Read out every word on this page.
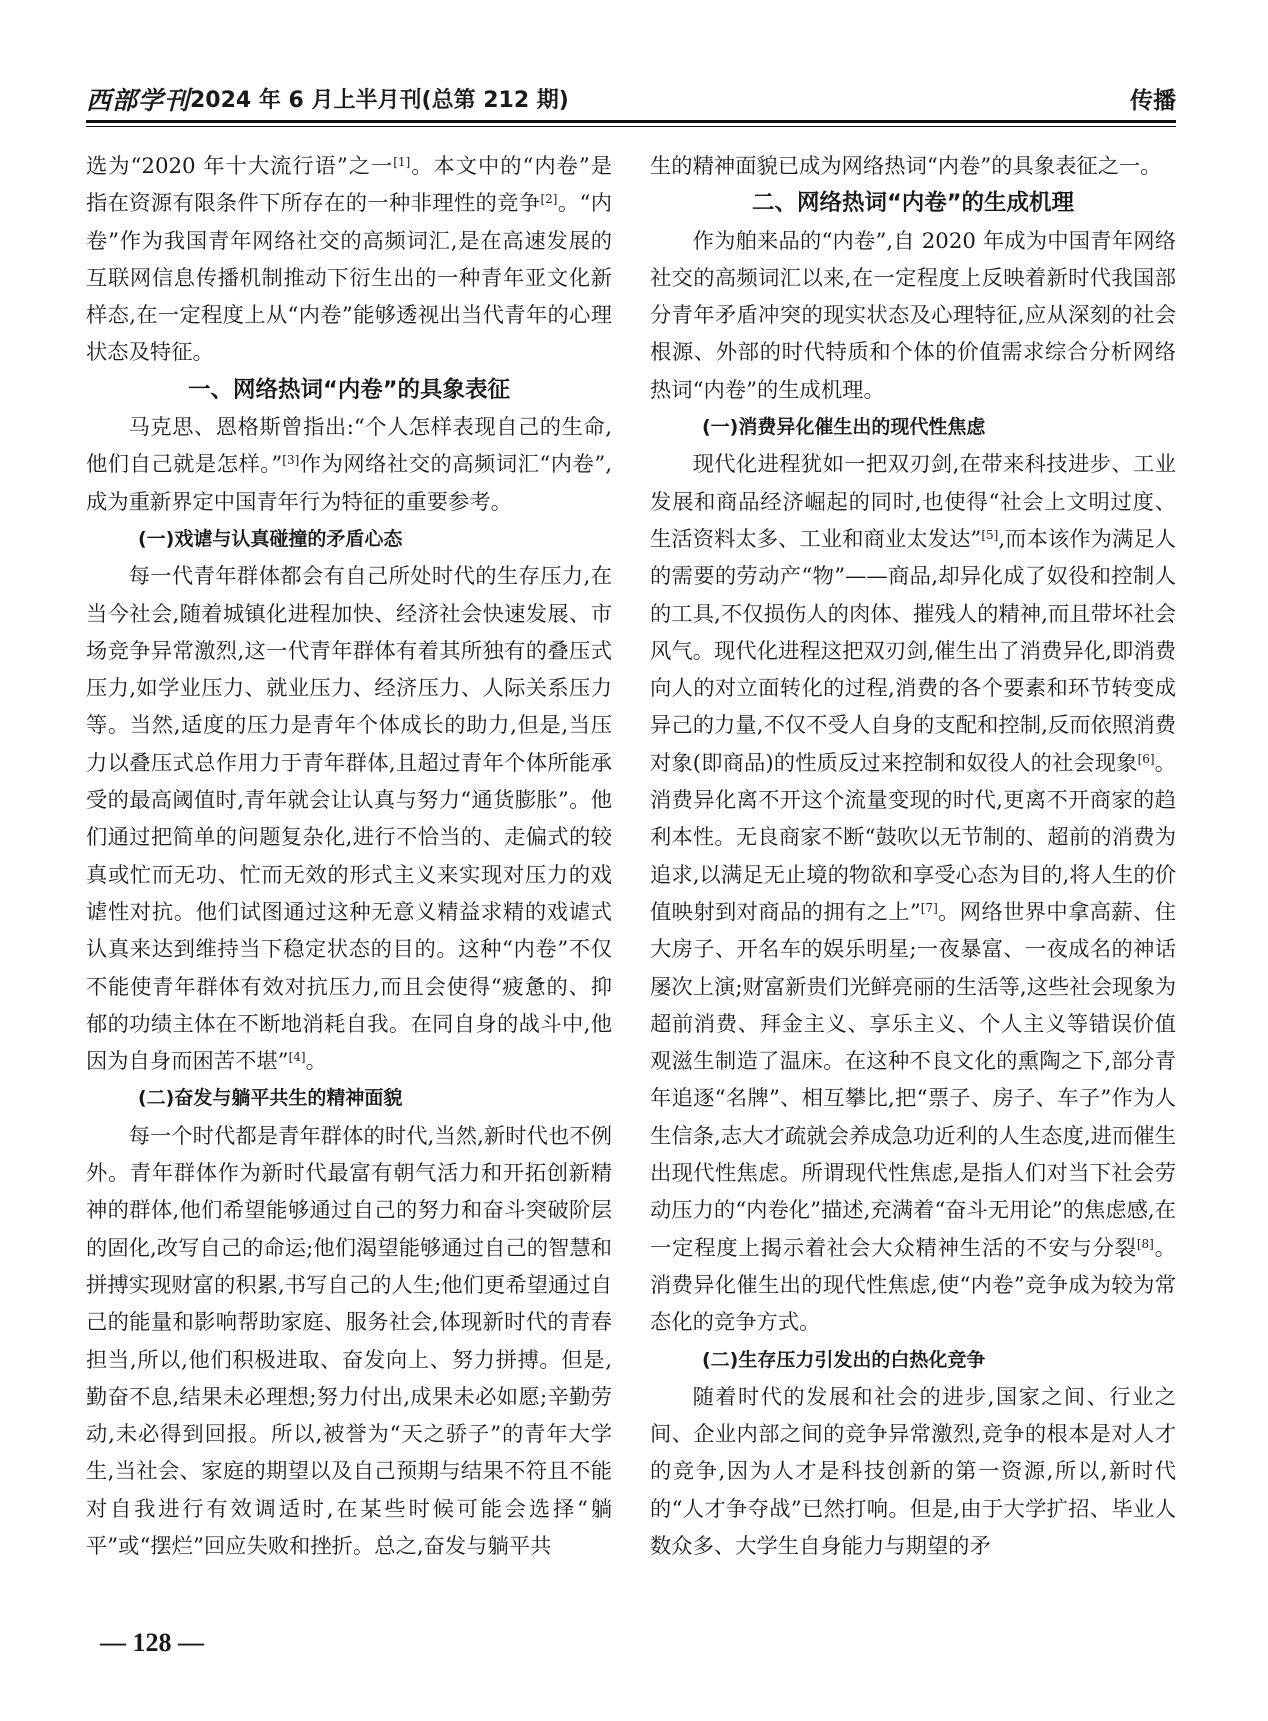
西部学刊 2024 年 6 月上半月刊(总第 212 期)	传播

选为“2020 年十大流行语”之一[1]。本文中的“内卷”是指在资源有限条件下所存在的一种非理性的竞争[2]。“内卷”作为我国青年网络社交的高频词汇,是在高速发展的互联网信息传播机制推动下衍生出的一种青年亚文化新样态,在一定程度上从“内卷”能够透视出当代青年的心理状态及特征。

一、网络热词“内卷”的具象表征

马克思、恩格斯曾指出:“个人怎样表现自己的生命,他们自己就是怎样。”[3]作为网络社交的高频词汇“内卷”,成为重新界定中国青年行为特征的重要参考。

(一)戏谑与认真碰撞的矛盾心态

每一代青年群体都会有自己所处时代的生存压力,在当今社会,随着城镇化进程加快、经济社会快速发展、市场竞争异常激烈,这一代青年群体有着其所独有的叠压式压力,如学业压力、就业压力、经济压力、人际关系压力等。当然,适度的压力是青年个体成长的助力,但是,当压力以叠压式总作用力于青年群体,且超过青年个体所能承受的最高阈值时,青年就会让认真与努力“通货膨胀”。他们通过把简单的问题复杂化,进行不恰当的、走偏式的较真或忙而无功、忙而无效的形式主义来实现对压力的戏谑性对抗。他们试图通过这种无意义精益求精的戏谑式认真来达到维持当下稳定状态的目的。这种“内卷”不仅不能使青年群体有效对抗压力,而且会使得“疲惫的、抑郁的功绩主体在不断地消耗自我。在同自身的战斗中,他因为自身而困苦不堪”[4]。

(二)奋发与躺平共生的精神面貌

每一个时代都是青年群体的时代,当然,新时代也不例外。青年群体作为新时代最富有朝气活力和开拓创新精神的群体,他们希望能够通过自己的努力和奋斗突破阶层的固化,改写自己的命运;他们渴望能够通过自己的智慧和拼搏实现财富的积累,书写自己的人生;他们更希望通过自己的能量和影响帮助家庭、服务社会,体现新时代的青春担当,所以,他们积极进取、奋发向上、努力拼搏。但是,勤奋不息,结果未必理想;努力付出,成果未必如愿;辛勤劳动,未必得到回报。所以,被誉为“天之骄子”的青年大学生,当社会、家庭的期望以及自己预期与结果不符且不能对自我进行有效调适时,在某些时候可能会选择“躺平”或“摆烂”回应失败和挫折。总之,奋发与躺平共

生的精神面貌已成为网络热词“内卷”的具象表征之一。

二、网络热词“内卷”的生成机理

作为舶来品的“内卷”,自 2020 年成为中国青年网络社交的高频词汇以来,在一定程度上反映着新时代我国部分青年矛盾冲突的现实状态及心理特征,应从深刻的社会根源、外部的时代特质和个体的价值需求综合分析网络热词“内卷”的生成机理。

(一)消费异化催生出的现代性焦虑

现代化进程犹如一把双刃剑,在带来科技进步、工业发展和商品经济崛起的同时,也使得“社会上文明过度、生活资料太多、工业和商业太发达”[5],而本该作为满足人的需要的劳动产“物”——商品,却异化成了奴役和控制人的工具,不仅损伤人的肉体、摧残人的精神,而且带坏社会风气。现代化进程这把双刃剑,催生出了消费异化,即消费向人的对立面转化的过程,消费的各个要素和环节转变成异己的力量,不仅不受人自身的支配和控制,反而依照消费对象(即商品)的性质反过来控制和奴役人的社会现象[6]。消费异化离不开这个流量变现的时代,更离不开商家的趋利本性。无良商家不断“鼓吹以无节制的、超前的消费为追求,以满足无止境的物欲和享受心态为目的,将人生的价值映射到对商品的拥有之上”[7]。网络世界中拿高薪、住大房子、开名车的娱乐明星;一夜暴富、一夜成名的神话屡次上演;财富新贵们光鲜亮丽的生活等,这些社会现象为超前消费、拜金主义、享乐主义、个人主义等错误价值观滋生制造了温床。在这种不良文化的熏陶之下,部分青年追逐“名牌”、相互攀比,把“票子、房子、车子”作为人生信条,志大才疏就会养成急功近利的人生态度,进而催生出现代性焦虑。所谓现代性焦虑,是指人们对当下社会劳动压力的“内卷化”描述,充满着“奋斗无用论”的焦虑感,在一定程度上揭示着社会大众精神生活的不安与分裂[8]。消费异化催生出的现代性焦虑,使“内卷”竞争成为较为常态化的竞争方式。

(二)生存压力引发出的白热化竞争

随着时代的发展和社会的进步,国家之间、行业之间、企业内部之间的竞争异常激烈,竞争的根本是对人才的竞争,因为人才是科技创新的第一资源,所以,新时代的“人才争夺战”已然打响。但是,由于大学扩招、毕业人数众多、大学生自身能力与期望的矛

— 128 —
